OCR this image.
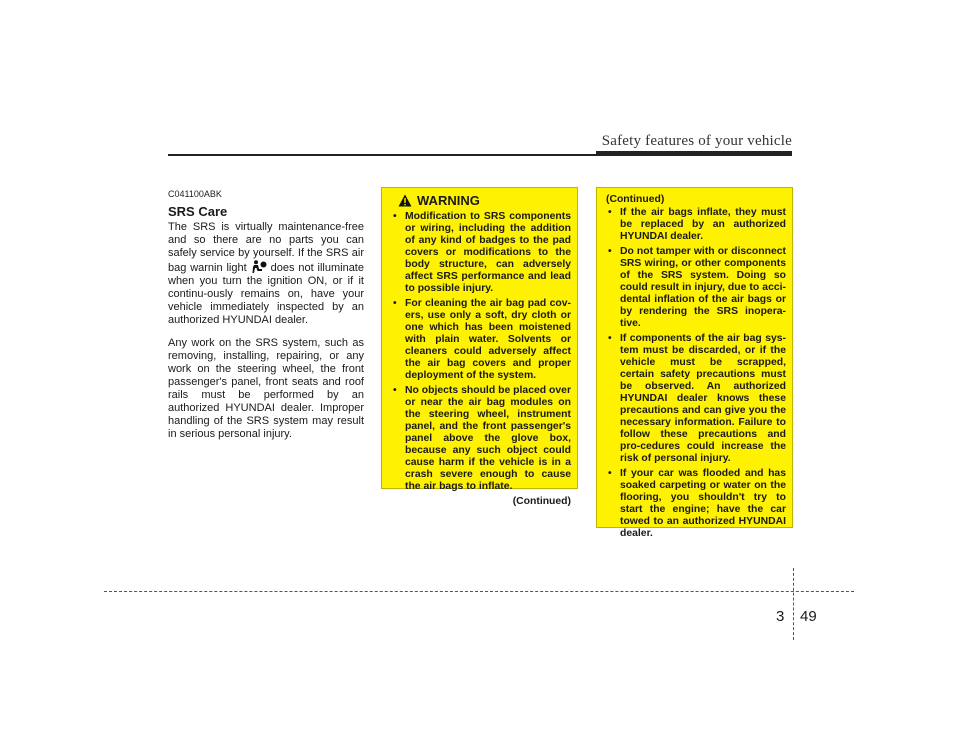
Safety features of your vehicle
C041100ABK
SRS Care

The SRS is virtually maintenance-free and so there are no parts you can safely service by yourself. If the SRS air bag warnin light does not illuminate when you turn the ignition ON, or if it continu-ously remains on, have your vehicle immediately inspected by an authorized HYUNDAI dealer.

Any work on the SRS system, such as removing, installing, repairing, or any work on the steering wheel, the front passenger's panel, front seats and roof rails must be performed by an authorized HYUNDAI dealer. Improper handling of the SRS system may result in serious personal injury.

WARNING
• Modification to SRS components or wiring, including the addition of any kind of badges to the pad covers or modifications to the body structure, can adversely affect SRS performance and lead to possible injury.
• For cleaning the air bag pad cov-ers, use only a soft, dry cloth or one which has been moistened with plain water. Solvents or cleaners could adversely affect the air bag covers and proper deployment of the system.
• No objects should be placed over or near the air bag modules on the steering wheel, instrument panel, and the front passenger's panel above the glove box, because any such object could cause harm if the vehicle is in a crash severe enough to cause the air bags to inflate.
(Continued)
(Continued)
• If the air bags inflate, they must be replaced by an authorized HYUNDAI dealer.
• Do not tamper with or disconnect SRS wiring, or other components of the SRS system. Doing so could result in injury, due to acci-dental inflation of the air bags or by rendering the SRS inopera-tive.
• If components of the air bag sys-tem must be discarded, or if the vehicle must be scrapped, certain safety precautions must be observed. An authorized HYUNDAI dealer knows these precautions and can give you the necessary information. Failure to follow these precautions and pro-cedures could increase the risk of personal injury.
• If your car was flooded and has soaked carpeting or water on the flooring, you shouldn't try to start the engine; have the car towed to an authorized HYUNDAI dealer.
3 49
